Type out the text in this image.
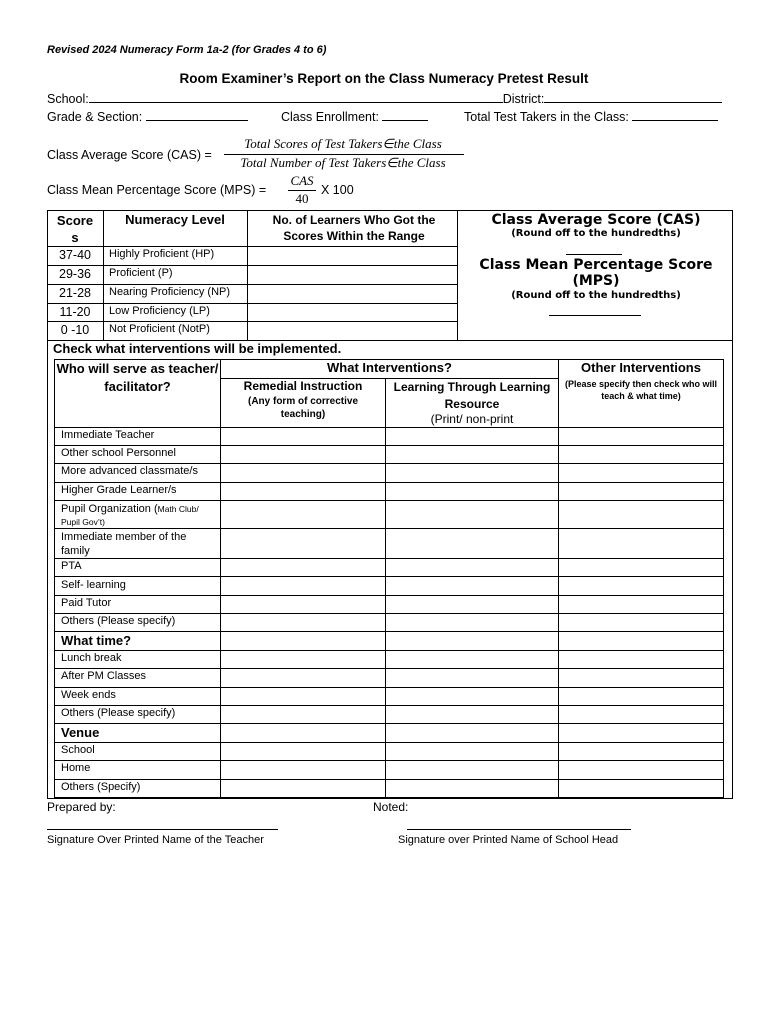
Revised 2024 Numeracy Form 1a-2 (for Grades 4 to 6)
Room Examiner’s Report on the Class Numeracy Pretest Result
School:	District:
Grade & Section:	Class Enrollment:	Total Test Takers in the Class:
Class Average Score (CAS) =
Total Scores of Test Takers∈the Class
Total Number of Test Takers∈the Class
Class Mean Percentage Score (MPS) =
CAS
40
X 100
Score
s
Numeracy Level	No. of Learners Who Got the Scores Within the Range
37-40	Highly Proficient (HP)
29-36	Proficient (P)
21-28	Nearing Proficiency (NP)
11-20	Low Proficiency (LP)
0 -10	Not Proficient (NotP)
Class Average Score (CAS)
(Round off to the hundredths)
Class Mean Percentage Score (MPS)
(Round off to the hundredths)
Check what interventions will be implemented.
Who will serve as teacher/ facilitator?
What Interventions?
Remedial Instruction
(Any form of corrective teaching)
Learning Through Learning Resource
(Print/ non-print
Other Interventions
(Please specify then check who will teach & what time)
Immediate Teacher
Other school Personnel
More advanced classmate/s
Higher Grade Learner/s
Pupil Organization (Math Club/ Pupil Gov’t)
Immediate member of the family
PTA
Self- learning
Paid Tutor
Others (Please specify)
What time?
Lunch break
After PM Classes
Week ends
Others (Please specify)
Venue
School
Home
Others (Specify)
Prepared by:	Noted:
Signature Over Printed Name of the Teacher	Signature over Printed Name of School Head
